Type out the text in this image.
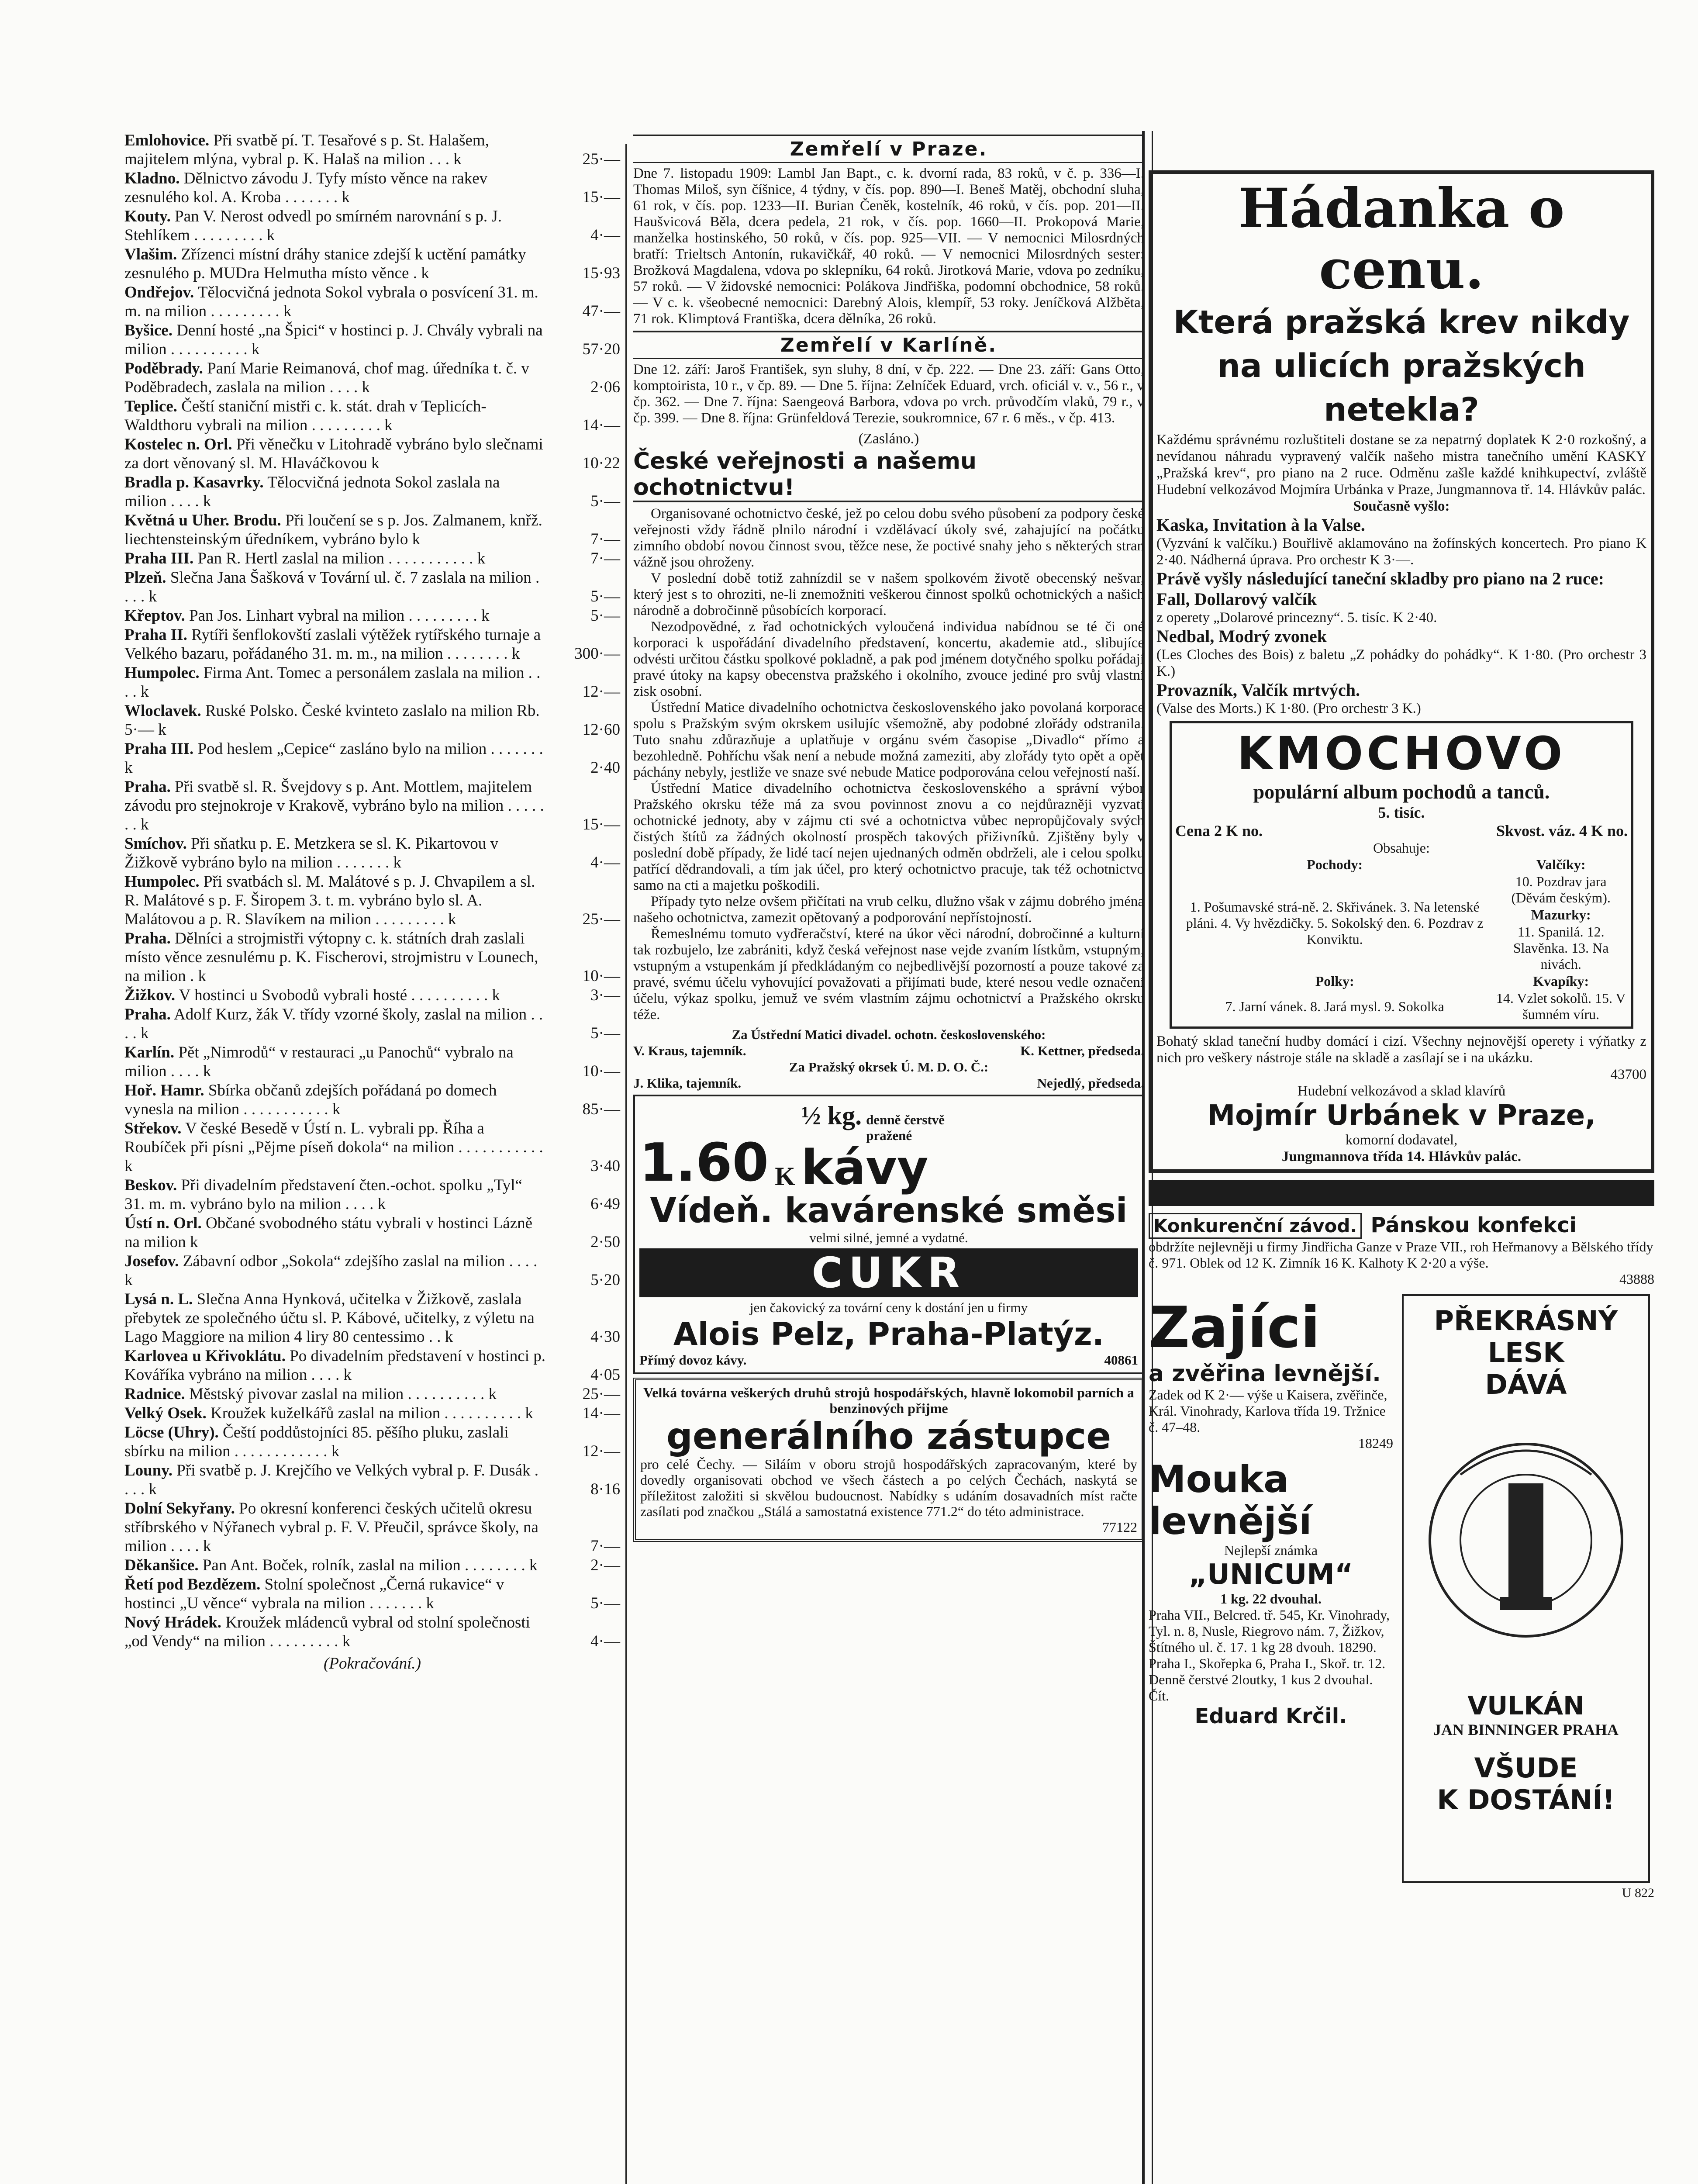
Emlohovice. Při svatbě pí. T. Tesařové s p. St. Halašem, majitelem mlýna, vybral p. K. Halaš na milion . . . k	25·—
Kladno. Dělnictvo závodu J. Tyfy místo věnce na rakev zesnulého kol. A. Kroba . . . . . . . k	15·—
Kouty. Pan V. Nerost odvedl po smírném narovnání s p. J. Stehlíkem . . . . . . . . . k	4·—
Vlašim. Zřízenci místní dráhy stanice zdejší k uctění památky zesnulého p. MUDra Helmutha místo věnce . k	15·93
Ondřejov. Tělocvičná jednota Sokol vybrala o posvícení 31. m. m. na milion . . . . . . . . . k	47·—
Byšice. Denní hosté „na Špici“ v hostinci p. J. Chvály vybrali na milion . . . . . . . . . . k	57·20
Poděbrady. Paní Marie Reimanová, chof mag. úředníka t. č. v Poděbradech, zaslala na milion . . . . k	2·06
Teplice. Čeští staniční mistři c. k. stát. drah v Teplicích-Waldthoru vybrali na milion . . . . . . . . . k	14·—
Kostelec n. Orl. Při věnečku v Litohradě vybráno bylo slečnami za dort věnovaný sl. M. Hlaváčkovou k	10·22
Bradla p. Kasavrky. Tělocvičná jednota Sokol zaslala na milion . . . . k	5·—
Květná u Uher. Brodu. Při loučení se s p. Jos. Zalmanem, knřž. liechtensteinským úředníkem, vybráno bylo k	7·—
Praha III. Pan R. Hertl zaslal na milion . . . . . . . . . . . k	7·—
Plzeň. Slečna Jana Šašková v Tovární ul. č. 7 zaslala na milion . . . . k	5·—
Křeptov. Pan Jos. Linhart vybral na milion . . . . . . . . . k	5·—
Praha II. Rytíři šenflokovští zaslali výtěžek rytířského turnaje a Velkého bazaru, pořádaného 31. m. m., na milion . . . . . . . . k	300·—
Humpolec. Firma Ant. Tomec a personálem zaslala na milion . . . . k	12·—
Wloclavek. Ruské Polsko. České kvinteto zaslalo na milion Rb. 5·— k	12·60
Praha III. Pod heslem „Cepice“ zasláno bylo na milion . . . . . . . k	2·40
Praha. Při svatbě sl. R. Švejdovy s p. Ant. Mottlem, majitelem závodu pro stejnokroje v Krakově, vybráno bylo na milion . . . . . . . k	15·—
Smíchov. Při sňatku p. E. Metzkera se sl. K. Pikartovou v Žižkově vybráno bylo na milion . . . . . . . k	4·—
Humpolec. Při svatbách sl. M. Malátové s p. J. Chvapilem a sl. R. Malátové s p. F. Širopem 3. t. m. vybráno bylo sl. A. Malátovou a p. R. Slavíkem na milion . . . . . . . . . k	25·—
Praha. Dělníci a strojmistři výtopny c. k. státních drah zaslali místo věnce zesnulému p. K. Fischerovi, strojmistru v Lounech, na milion . k	10·—
Žižkov. V hostinci u Svobodů vybrali hosté . . . . . . . . . . k	3·—
Praha. Adolf Kurz, žák V. třídy vzorné školy, zaslal na milion . . . . k	5·—
Karlín. Pět „Nimrodů“ v restauraci „u Panochů“ vybralo na milion . . . . k	10·—
Hoř. Hamr. Sbírka občanů zdejších pořádaná po domech vynesla na milion . . . . . . . . . . . k	85·—
Střekov. V české Besedě v Ústí n. L. vybrali pp. Říha a Roubíček při písni „Pějme píseň dokola“ na milion . . . . . . . . . . . k	3·40
Beskov. Při divadelním představení čten.-ochot. spolku „Tyl“ 31. m. m. vybráno bylo na milion . . . . k	6·49
Ústí n. Orl. Občané svobodného státu vybrali v hostinci Lázně na milion k	2·50
Josefov. Zábavní odbor „Sokola“ zdejšího zaslal na milion . . . . k	5·20
Lysá n. L. Slečna Anna Hynková, učitelka v Žižkově, zaslala přebytek ze společného účtu sl. P. Kábové, učitelky, z výletu na Lago Maggiore na milion 4 liry 80 centessimo . . k	4·30
Karlovea u Křivoklátu. Po divadelním představení v hostinci p. Kováříka vybráno na milion . . . . k	4·05
Radnice. Městský pivovar zaslal na milion . . . . . . . . . . k	25·—
Velký Osek. Kroužek kuželkářů zaslal na milion . . . . . . . . . . k	14·—
Löcse (Uhry). Čeští poddůstojníci 85. pěšího pluku, zaslali sbírku na milion . . . . . . . . . . . . k	12·—
Louny. Při svatbě p. J. Krejčího ve Velkých vybral p. F. Dusák . . . . k	8·16
Dolní Sekyřany. Po okresní konferenci českých učitelů okresu stříbrského v Nýřanech vybral p. F. V. Přeučil, správce školy, na milion . . . . k	7·—
Děkanšice. Pan Ant. Boček, rolník, zaslal na milion . . . . . . . . k	2·—
Řetí pod Bezdězem. Stolní společnost „Černá rukavice“ v hostinci „U věnce“ vybrala na milion . . . . . . . k	5·—
Nový Hrádek. Kroužek mládenců vybral od stolní společnosti „od Vendy“ na milion . . . . . . . . . k	4·—
(Pokračování.)
Zemřelí v Praze.

Dne 7. listopadu 1909: Lambl Jan Bapt., c. k. dvorní rada, 83 roků, v č. p. 336—I. Thomas Miloš, syn číšnice, 4 týdny, v čís. pop. 890—I. Beneš Matěj, obchodní sluha, 61 rok, v čís. pop. 1233—II. Burian Čeněk, kostelník, 46 roků, v čís. pop. 201—II. Haušvicová Běla, dcera pedela, 21 rok, v čís. pop. 1660—II. Prokopová Marie, manželka hostinského, 50 roků, v čís. pop. 925—VII. — V nemocnici Milosrdných bratří: Trieltsch Antonín, rukavičkář, 40 roků. — V nemocnici Milosrdných sester: Brožková Magdalena, vdova po sklepníku, 64 roků. Jirotková Marie, vdova po zedníku, 57 roků. — V židovské nemocnici: Polákova Jindřiška, podomní obchodnice, 58 roků. — V c. k. všeobecné nemocnici: Darebný Alois, klempíř, 53 roky. Jeníčková Alžběta, 71 rok. Klimptová Františka, dcera dělníka, 26 roků.

Zemřelí v Karlíně.

Dne 12. září: Jaroš František, syn sluhy, 8 dní, v čp. 222. — Dne 23. září: Gans Otto, komptoirista, 10 r., v čp. 89. — Dne 5. října: Zelníček Eduard, vrch. oficiál v. v., 56 r., v čp. 362. — Dne 7. října: Saengeová Barbora, vdova po vrch. průvodčím vlaků, 79 r., v čp. 399. — Dne 8. října: Grünfeldová Terezie, soukromnice, 67 r. 6 měs., v čp. 413.

(Zasláno.)
České veřejnosti a našemu ochotnictvu!

Organisované ochotnictvo české, jež po celou dobu svého působení za podpory české veřejnosti vždy řádně plnilo národní i vzdělávací úkoly své, zahajující na počátku zimního období novou činnost svou, těžce nese, že poctivé snahy jeho s některých stran vážně jsou ohroženy.

V poslední době totiž zahnízdil se v našem spolkovém životě obecenský nešvar, který jest s to ohroziti, ne-li znemožniti veškerou činnost spolků ochotnických a našich národně a dobročinně působících korporací.

Nezodpovědné, z řad ochotnických vyloučená individua nabídnou se té či oné korporaci k uspořádání divadelního představení, koncertu, akademie atd., slibujíce odvésti určitou částku spolkové pokladně, a pak pod jménem dotyčného spolku pořádají pravé útoky na kapsy obecenstva pražského i okolního, zvouce jediné pro svůj vlastní zisk osobní.

Ústřední Matice divadelního ochotnictva československého jako povolaná korporace spolu s Pražským svým okrskem usilujíc všemožně, aby podobné zlořády odstranila. Tuto snahu zdůrazňuje a uplatňuje v orgánu svém časopise „Divadlo“ přímo a bezohledně. Pohříchu však není a nebude možná zameziti, aby zlořády tyto opět a opět páchány nebyly, jestliže ve snaze své nebude Matice podporována celou veřejností naší.

Ústřední Matice divadelního ochotnictva československého a správní výbor Pražského okrsku téže má za svou povinnost znovu a co nejdůrazněji vyzvati ochotnické jednoty, aby v zájmu cti své a ochotnictva vůbec nepropůjčovaly svých čistých štítů za žádných okolností prospěch takových přiživníků. Zjištěny byly v poslední době případy, že lidé tací nejen ujednaných odměn obdrželi, ale i celou spolku patřící dědrandovali, a tím jak účel, pro který ochotnictvo pracuje, tak též ochotnictvo samo na cti a majetku poškodili.

Případy tyto nelze ovšem přičítati na vrub celku, dlužno však v zájmu dobrého jména našeho ochotnictva, zamezit opětovaný a podporování nepřístojností.

Řemeslnému tomuto vydřeračství, které na úkor věci národní, dobročinné a kulturní tak rozbujelo, lze zabrániti, když česká veřejnost nase vejde zvaním lístkům, vstupným, vstupným a vstupenkám jí předkládaným co nejbedlivější pozorností a pouze takové za pravé, svému účelu vyhovující považovati a přijímati bude, které nesou vedle označení účelu, výkaz spolku, jemuž ve svém vlastním zájmu ochotnictví a Pražského okrsku téže.

Za Ústřední Matici divadel. ochotn. československého:
V. Kraus, tajemník.	K. Kettner, předseda.
Za Pražský okrsek Ú. M. D. O. Č.:
J. Klika, tajemník.	Nejedlý, předseda.
1.60 K
½ kg. denně čerstvě pražené
kávy
Vídeň. kavárenské směsi
velmi silné, jemné a vydatné.
CUKR
jen čakovický za tovární ceny k dostání jen u firmy
Alois Pelz, Praha-Platýz.
Přímý dovoz kávy.	40861

Velká továrna veškerých druhů strojů hospodářských, hlavně lokomobil parních a benzinových přijme

generálního zástupce

pro celé Čechy. — Siláím v oboru strojů hospodářských zapracovaným, které by dovedly organisovati obchod ve všech částech a po celých Čechách, naskytá se příležitost založiti si skvělou budoucnost. Nabídky s udáním dosavadních míst račte zasílati pod značkou „Stálá a samostatná existence 771.2“ do této administrace.

77122

Hádanka o cenu.
Která pražská krev nikdy na ulicích pražských netekla?

Každému správnému rozluštiteli dostane se za nepatrný doplatek K 2·0 rozkošný, a nevídanou náhradu vypravený valčík našeho mistra tanečního umění KASKY „Pražská krev“, pro piano na 2 ruce. Odměnu zašle každé knihkupectví, zvláště Hudební velkozávod Mojmíra Urbánka v Praze, Jungmannova tř. 14. Hlávkův palác.

Současně vyšlo:

Kaska, Invitation à la Valse.

(Vyzvání k valčíku.) Bouřlivě aklamováno na žofínských koncertech. Pro piano K 2·40. Nádherná úprava. Pro orchestr K 3·—.

Právě vyšly následující taneční skladby pro piano na 2 ruce:
Fall, Dollarový valčík

z operety „Dolarové princezny“. 5. tisíc. K 2·40.

Nedbal, Modrý zvonek

(Les Cloches des Bois) z baletu „Z pohádky do pohádky“. K 1·80. (Pro orchestr 3 K.)

Provazník, Valčík mrtvých.

(Valse des Morts.) K 1·80. (Pro orchestr 3 K.)

KMOCHOVO
populární album pochodů a tanců.
5. tisíc.
Cena 2 K no.	Skvost. váz. 4 K no.
Obsahuje:
Pochody:	Valčíky:
1. Pošumavské strá-ně. 2. Skřivánek. 3. Na letenské pláni. 4. Vy hvězdičky. 5. Sokolský den. 6. Pozdrav z Konviktu.	10. Pozdrav jara (Děvám českým).
	Mazurky:
	11. Spanilá. 12. Slavěnka. 13. Na nivách.
Polky:	Kvapíky:
7. Jarní vánek. 8. Jará mysl. 9. Sokolka	14. Vzlet sokolů. 15. V šumném víru.

Bohatý sklad taneční hudby domácí i cizí. Všechny nejnovější operety i výňatky z nich pro veškery nástroje stále na skladě a zasílají se i na ukázku.

43700

Hudební velkozávod a sklad klavírů

Mojmír Urbánek v Praze,

komorní dodavatel,

Jungmannova třída 14. Hlávkův palác.

Konkurenční závod. Pánskou konfekci

obdržíte nejlevněji u firmy Jindřicha Ganze v Praze VII., roh Heřmanovy a Bělského třídy č. 971. Oblek od 12 K. Zimník 16 K. Kalhoty K 2·20 a výše.

43888

Zajíci
a zvěřina levnější.

Zadek od K 2·— výše u Kaisera, zvěřinče, Král. Vinohrady, Karlova třída 19. Tržnice č. 47–48.

18249

Mouka levnější

Nejlepší známka

„UNICUM“

1 kg. 22 dvouhal.

Praha VII., Belcred. tř. 545, Kr. Vinohrady, Tyl. n. 8, Nusle, Riegrovo nám. 7, Žižkov, Štítného ul. č. 17. 1 kg 28 dvouh. 18290. Praha I., Skořepka 6, Praha I., Skoř. tr. 12. Denně čerstvé 2loutky, 1 kus 2 dvouhal. Čít.

Eduard Krčil.
PŘEKRÁSNÝ
LESK
DÁVÁ
VULKÁN
JAN BINNINGER PRAHA
VŠUDE
K DOSTÁNÍ!
U 822
